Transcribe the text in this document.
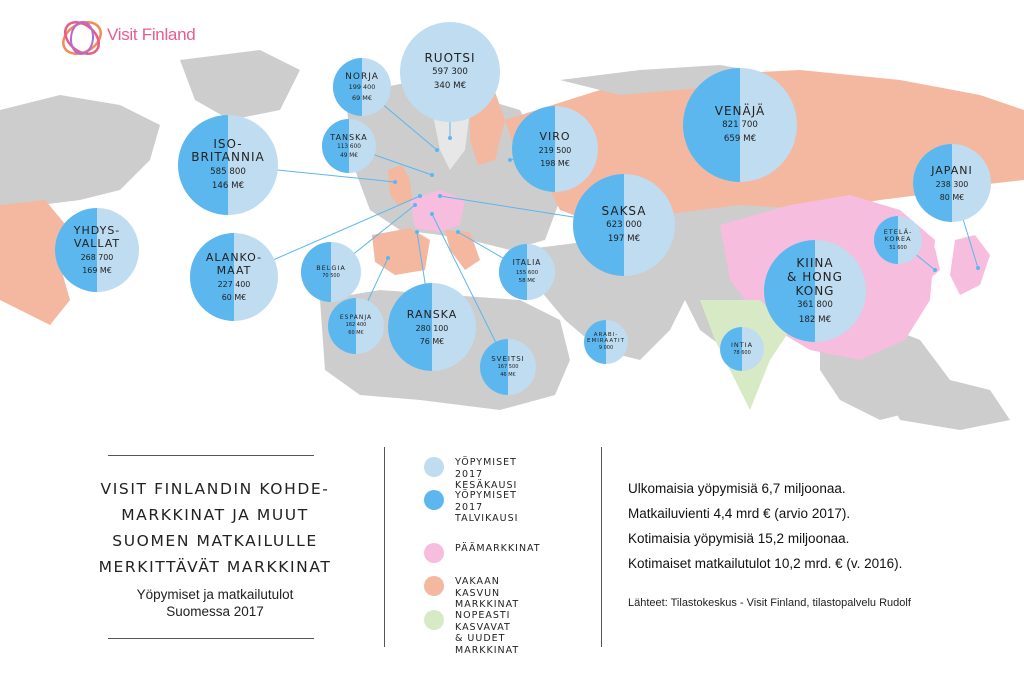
Visit Finland
RUOTSI
597 300
340 M€
NORJA
199 400
69 M€
TANSKA
113 600
49 M€
VIRO
219 500
198 M€
VENÄJÄ
821 700
659 M€
ISO-
BRITANNIA
585 800
146 M€
JAPANI
238 300
80 M€
SAKSA
623 000
197 M€
YHDYS-
VALLAT
268 700
169 M€
ALANKO-
MAAT
227 400
60 M€
BELGIA
70 500
ETELÄ-
KOREA
51 600
ITALIA
155 600
58 M€
KIINA
& HONG
KONG
361 800
182 M€
ESPANJA
162 400
60 M€
RANSKA
280 100
76 M€
ARABI-
EMIRAATIT
9 000	INTIA
78 600
SVEITSI
167 500
46 M€
VISIT FINLANDIN KOHDE-
MARKKINAT JA MUUT
SUOMEN MATKAILULLE
MERKITTÄVÄT MARKKINAT
Yöpymiset ja matkailutulot
Suomessa 2017
YÖPYMISET 2017
KESÄKAUSI
YÖPYMISET 2017
TALVIKAUSI
PÄÄMARKKINAT
VAKAAN KASVUN
MARKKINAT
NOPEASTI
KASVAVAT & UUDET
MARKKINAT
Ulkomaisia yöpymisiä 6,7 miljoonaa.
Matkailuvienti 4,4 mrd € (arvio 2017).
Kotimaisia yöpymisiä 15,2 miljoonaa.
Kotimaiset matkailutulot 10,2 mrd. € (v. 2016).
Lähteet: Tilastokeskus - Visit Finland, tilastopalvelu Rudolf
